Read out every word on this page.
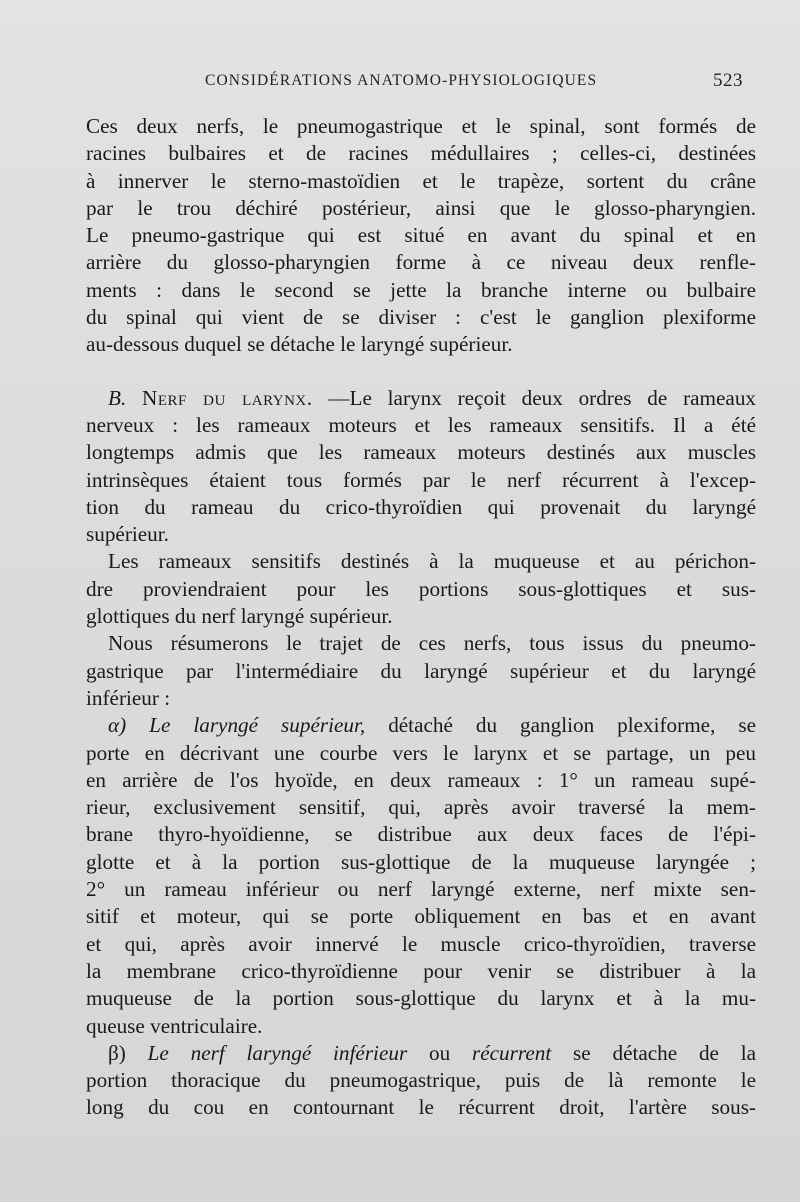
CONSIDÉRATIONS ANATOMO-PHYSIOLOGIQUES	523
Ces deux nerfs, le pneumogastrique et le spinal, sont formés de
racines bulbaires et de racines médullaires ; celles-ci, destinées
à innerver le sterno-mastoïdien et le trapèze, sortent du crâne
par le trou déchiré postérieur, ainsi que le glosso-pharyngien.
Le pneumo-gastrique qui est situé en avant du spinal et en
arrière du glosso-pharyngien forme à ce niveau deux renfle-
ments : dans le second se jette la branche interne ou bulbaire
du spinal qui vient de se diviser : c'est le ganglion plexiforme
au-dessous duquel se détache le laryngé supérieur.
B. Nerf du larynx. —Le larynx reçoit deux ordres de rameaux
nerveux : les rameaux moteurs et les rameaux sensitifs. Il a été
longtemps admis que les rameaux moteurs destinés aux muscles
intrinsèques étaient tous formés par le nerf récurrent à l'excep-
tion du rameau du crico-thyroïdien qui provenait du laryngé
supérieur.
Les rameaux sensitifs destinés à la muqueuse et au périchon-
dre proviendraient pour les portions sous-glottiques et sus-
glottiques du nerf laryngé supérieur.
Nous résumerons le trajet de ces nerfs, tous issus du pneumo-
gastrique par l'intermédiaire du laryngé supérieur et du laryngé
inférieur :
α) Le laryngé supérieur, détaché du ganglion plexiforme, se
porte en décrivant une courbe vers le larynx et se partage, un peu
en arrière de l'os hyoïde, en deux rameaux : 1° un rameau supé-
rieur, exclusivement sensitif, qui, après avoir traversé la mem-
brane thyro-hyoïdienne, se distribue aux deux faces de l'épi-
glotte et à la portion sus-glottique de la muqueuse laryngée ;
2° un rameau inférieur ou nerf laryngé externe, nerf mixte sen-
sitif et moteur, qui se porte obliquement en bas et en avant
et qui, après avoir innervé le muscle crico-thyroïdien, traverse
la membrane crico-thyroïdienne pour venir se distribuer à la
muqueuse de la portion sous-glottique du larynx et à la mu-
queuse ventriculaire.
β) Le nerf laryngé inférieur ou récurrent se détache de la
portion thoracique du pneumogastrique, puis de là remonte le
long du cou en contournant le récurrent droit, l'artère sous-
